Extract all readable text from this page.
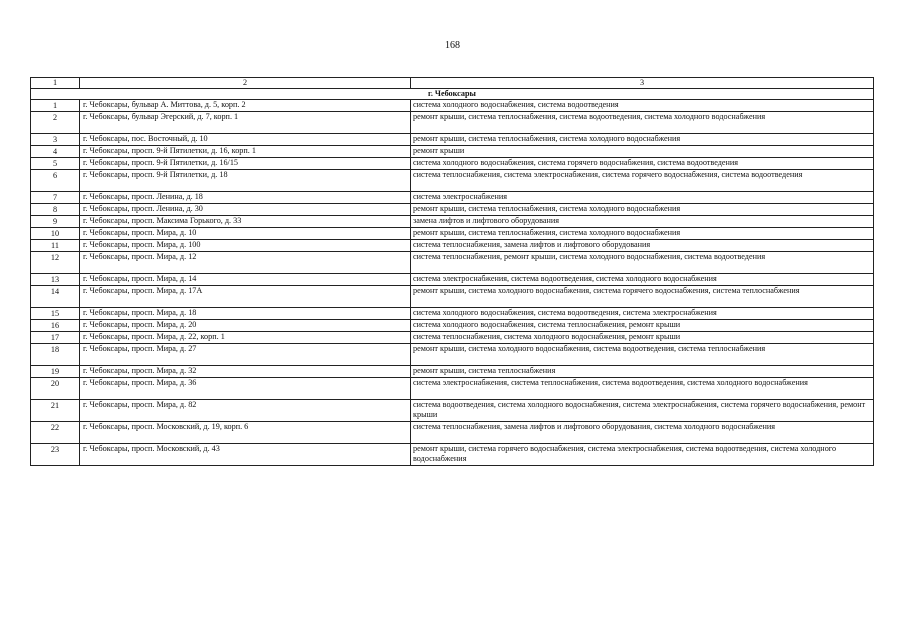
168
1	2	3
г. Чебоксары		
1	г. Чебоксары, бульвар А. Миттова, д. 5, корп. 2	система холодного водоснабжения, система водоотведения
2	г. Чебоксары, бульвар Эгерский, д. 7, корп. 1	ремонт крыши, система теплоснабжения, система водоотведения, система холодного водоснабжения
3	г. Чебоксары, пос. Восточный, д. 10	ремонт крыши, система теплоснабжения, система холодного водоснабжения
4	г. Чебоксары, просп. 9-й Пятилетки, д. 16, корп. 1	ремонт крыши
5	г. Чебоксары, просп. 9-й Пятилетки, д. 16/15	система холодного водоснабжения, система горячего водоснабжения, система водоотведения
6	г. Чебоксары, просп. 9-й Пятилетки, д. 18	система теплоснабжения, система электроснабжения, система горячего водоснабжения, система водоотведения
7	г. Чебоксары, просп. Ленина, д. 18	система электроснабжения
8	г. Чебоксары, просп. Ленина, д. 30	ремонт крыши, система теплоснабжения, система холодного водоснабжения
9	г. Чебоксары, просп. Максима Горького, д. 33	замена лифтов и лифтового оборудования
10	г. Чебоксары, просп. Мира, д. 10	ремонт крыши, система теплоснабжения, система холодного водоснабжения
11	г. Чебоксары, просп. Мира, д. 100	система теплоснабжения, замена лифтов и лифтового оборудования
12	г. Чебоксары, просп. Мира, д. 12	система теплоснабжения, ремонт крыши, система холодного водоснабжения, система водоотведения
13	г. Чебоксары, просп. Мира, д. 14	система электроснабжения, система водоотведения, система холодного водоснабжения
14	г. Чебоксары, просп. Мира, д. 17А	ремонт крыши, система холодного водоснабжения, система горячего водоснабжения, система теплоснабжения
15	г. Чебоксары, просп. Мира, д. 18	система холодного водоснабжения, система водоотведения, система электроснабжения
16	г. Чебоксары, просп. Мира, д. 20	система холодного водоснабжения, система теплоснабжения, ремонт крыши
17	г. Чебоксары, просп. Мира, д. 22, корп. 1	система теплоснабжения, система холодного водоснабжения, ремонт крыши
18	г. Чебоксары, просп. Мира, д. 27	ремонт крыши, система холодного водоснабжения, система водоотведения, система теплоснабжения
19	г. Чебоксары, просп. Мира, д. 32	ремонт крыши, система теплоснабжения
20	г. Чебоксары, просп. Мира, д. 36	система электроснабжения, система теплоснабжения, система водоотведения, система холодного водоснабжения
21	г. Чебоксары, просп. Мира, д. 82	система водоотведения, система холодного водоснабжения, система электроснабжения, система горячего водоснабжения, ремонт крыши
22	г. Чебоксары, просп. Московский, д. 19, корп. 6	система теплоснабжения, замена лифтов и лифтового оборудования, система холодного водоснабжения
23	г. Чебоксары, просп. Московский, д. 43	ремонт крыши, система горячего водоснабжения, система электроснабжения, система водоотведения, система холодного водоснабжения
